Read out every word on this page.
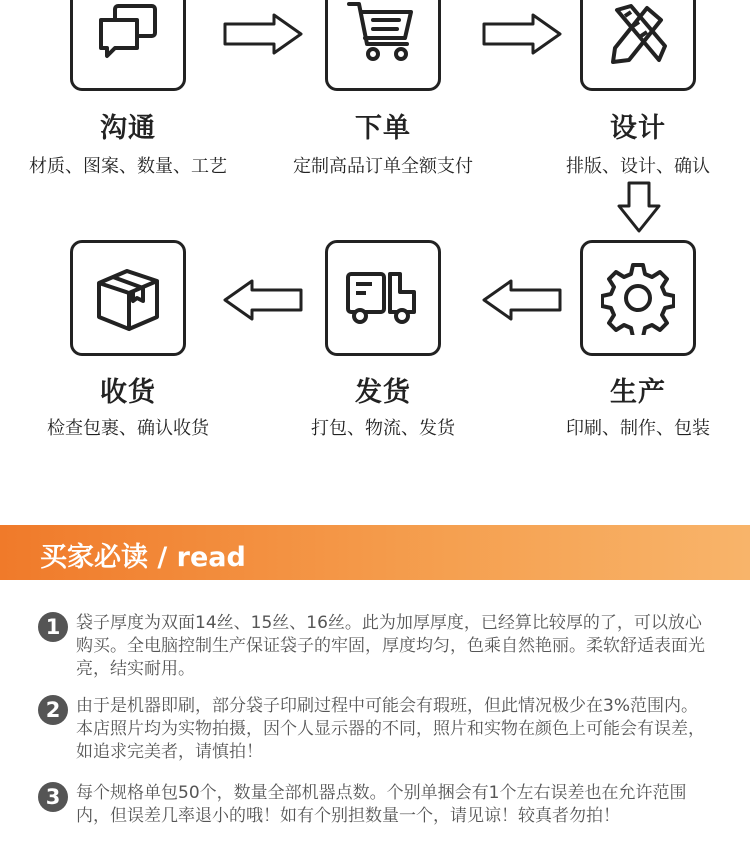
沟通
材质、图案、数量、工艺
下单
定制高品订单全额支付
设计
排版、设计、确认
收货
检查包裹、确认收货
发货
打包、物流、发货
生产
印刷、制作、包装
买家必读 / read
1 袋子厚度为双面14丝、15丝、16丝。此为加厚厚度，已经算比较厚的了，可以放心购买。全电脑控制生产保证袋子的牢固，厚度均匀，色乘自然艳丽。柔软舒适表面光亮，结实耐用。
2 由于是机器即刷，部分袋子印刷过程中可能会有瑕班，但此情况极少在3%范围内。本店照片均为实物拍摄，因个人显示器的不同，照片和实物在颜色上可能会有误差，如追求完美者，请慎拍！
3 每个规格单包50个，数量全部机器点数。个别单捆会有1个左右误差也在允许范围内，但误差几率退小的哦！如有个别担数量一个，请见谅！较真者勿拍！
